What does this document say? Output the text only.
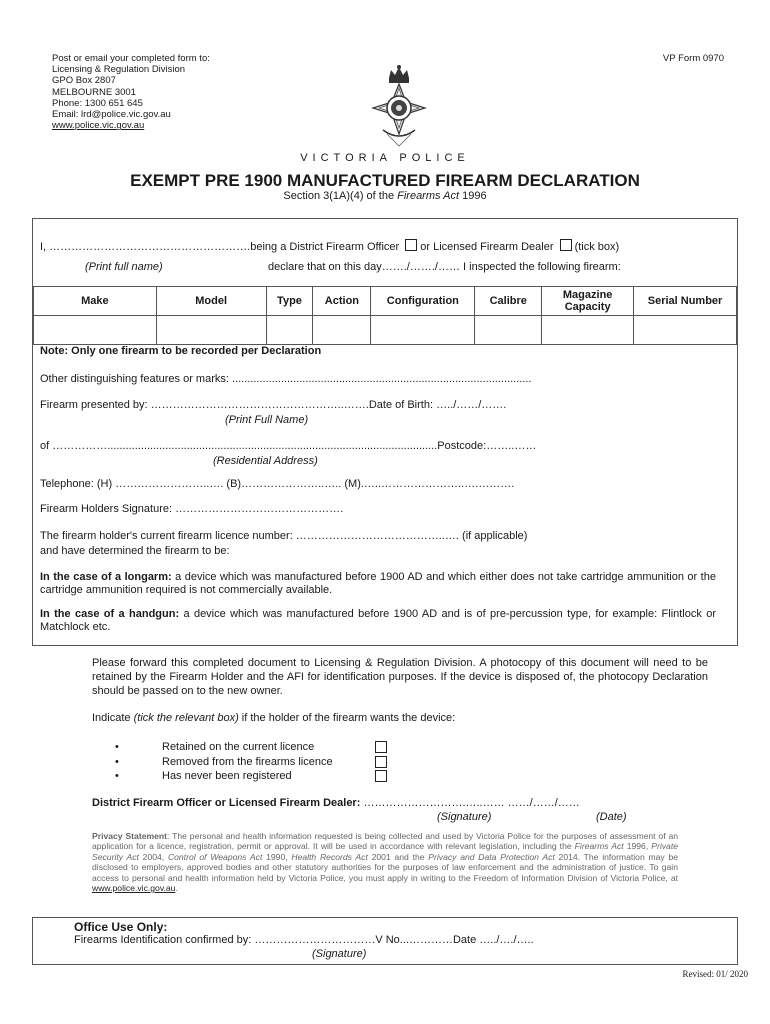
Post or email your completed form to:
Licensing & Regulation Division
GPO Box 2807
MELBOURNE 3001
Phone: 1300 651 645
Email: lrd@police.vic.gov.au
www.police.vic.gov.au
VP Form 0970
VICTORIA POLICE
EXEMPT PRE 1900 MANUFACTURED FIREARM DECLARATION
Section 3(1A)(4) of the Firearms Act 1996
I, ……………………………………………….being a District Firearm Officer or Licensed Firearm Dealer (tick box)
(Print full name)	declare that on this day……./……./…… I inspected the following firearm:
Make	Model	Type	Action	Configuration	Calibre	Magazine Capacity	Serial Number

Note: Only one firearm to be recorded per Declaration
Other distinguishing features or marks: ..................................................................................................
Firearm presented by: ……………………………………………..…….Date of Birth: …../……/…….
(Print Full Name)
of ……………............................................................................................................Postcode:……..……
(Residential Address)
Telephone: (H) ……………………..…. (B)…………………..….. (M).…..…………………..….……….
Firearm Holders Signature: ……………………………………….
The firearm holder's current firearm licence number: …………………………………..…. (if applicable)
and have determined the firearm to be:
In the case of a longarm: a device which was manufactured before 1900 AD and which either does not take cartridge ammunition or the cartridge ammunition required is not commercially available.
In the case of a handgun: a device which was manufactured before 1900 AD and is of pre-percussion type, for example: Flintlock or Matchlock etc.
Please forward this completed document to Licensing & Regulation Division. A photocopy of this document will need to be retained by the Firearm Holder and the AFI for identification purposes. If the device is disposed of, the photocopy Declaration should be passed on to the new owner.
Indicate (tick the relevant box) if the holder of the firearm wants the device:
•	Retained on the current licence
•	Removed from the firearms licence
•	Has never been registered
District Firearm Officer or Licensed Firearm Dealer: ……………………….…..…… ……/……/……
(Signature)	(Date)
Privacy Statement: The personal and health information requested is being collected and used by Victoria Police for the purposes of assessment of an application for a licence, registration, permit or approval. It will be used in accordance with relevant legislation, including the Firearms Act 1996, Private Security Act 2004, Control of Weapons Act 1990, Health Records Act 2001 and the Privacy and Data Protection Act 2014. The information may be disclosed to employers, approved bodies and other statutory authorities for the purposes of law enforcement and the administration of justice. To gain access to personal and health information held by Victoria Police, you must apply in writing to the Freedom of Information Division of Victoria Police, at www.police.vic.gov.au.
Office Use Only:
Firearms Identification confirmed by: ……………………………V No...…………Date …../…./…..
(Signature)
Revised: 01/ 2020
